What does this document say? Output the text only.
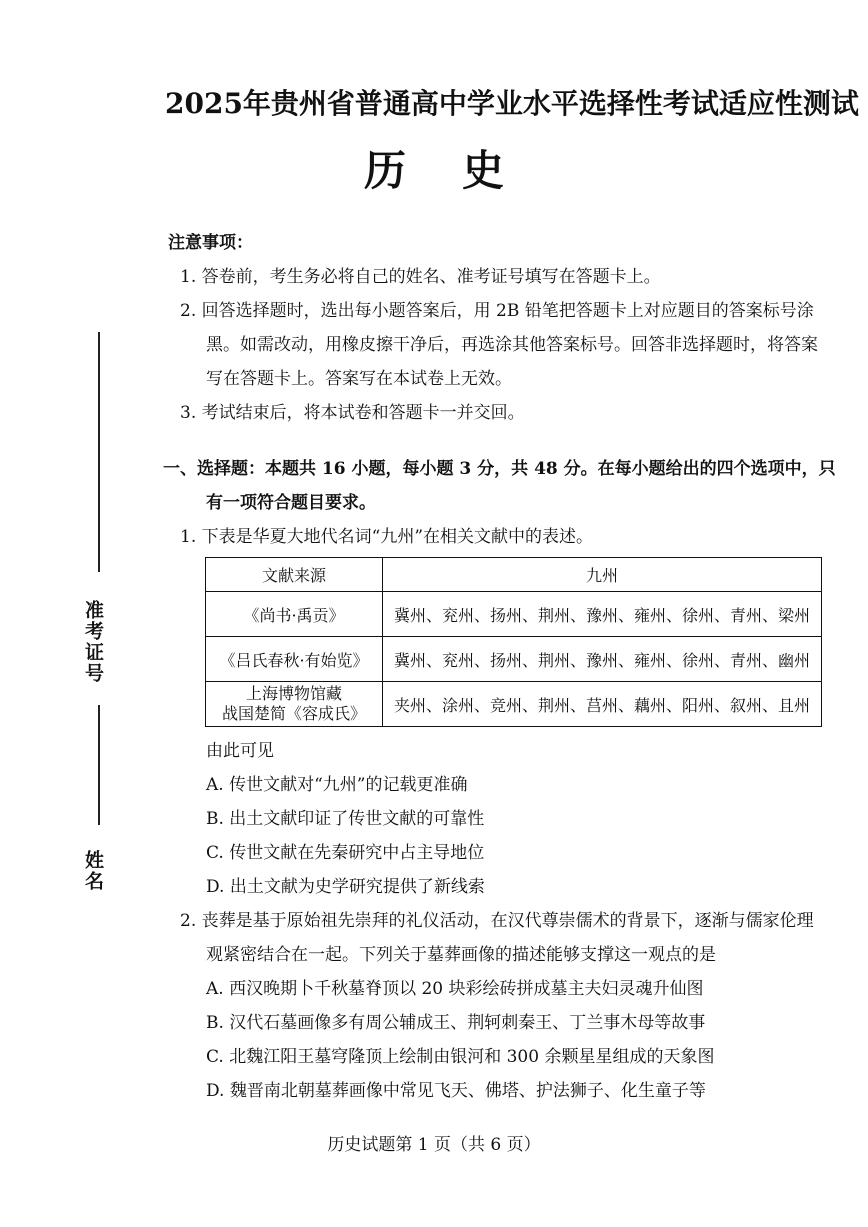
准考证号
姓名
2025年贵州省普通高中学业水平选择性考试适应性测试
历史
注意事项：
1. 答卷前，考生务必将自己的姓名、准考证号填写在答题卡上。
2. 回答选择题时，选出每小题答案后，用 2B 铅笔把答题卡上对应题目的答案标号涂
黑。如需改动，用橡皮擦干净后，再选涂其他答案标号。回答非选择题时，将答案
写在答题卡上。答案写在本试卷上无效。
3. 考试结束后，将本试卷和答题卡一并交回。
一、选择题：本题共 16 小题，每小题 3 分，共 48 分。在每小题给出的四个选项中，只
有一项符合题目要求。
1. 下表是华夏大地代名词“九州”在相关文献中的表述。
文献来源	九州
《尚书·禹贡》	冀州、兖州、扬州、荆州、豫州、雍州、徐州、青州、梁州
《吕氏春秋·有始览》	冀州、兖州、扬州、荆州、豫州、雍州、徐州、青州、幽州

上海博物馆藏
战国楚简《容成氏》	夹州、涂州、竞州、荆州、莒州、藕州、阳州、叙州、且州
由此可见
A. 传世文献对“九州”的记载更准确
B. 出土文献印证了传世文献的可靠性
C. 传世文献在先秦研究中占主导地位
D. 出土文献为史学研究提供了新线索
2. 丧葬是基于原始祖先崇拜的礼仪活动，在汉代尊崇儒术的背景下，逐渐与儒家伦理
观紧密结合在一起。下列关于墓葬画像的描述能够支撑这一观点的是
A. 西汉晚期卜千秋墓脊顶以 20 块彩绘砖拼成墓主夫妇灵魂升仙图
B. 汉代石墓画像多有周公辅成王、荆轲刺秦王、丁兰事木母等故事
C. 北魏江阳王墓穹隆顶上绘制由银河和 300 余颗星星组成的天象图
D. 魏晋南北朝墓葬画像中常见飞天、佛塔、护法狮子、化生童子等
历史试题第 1 页（共 6 页）
